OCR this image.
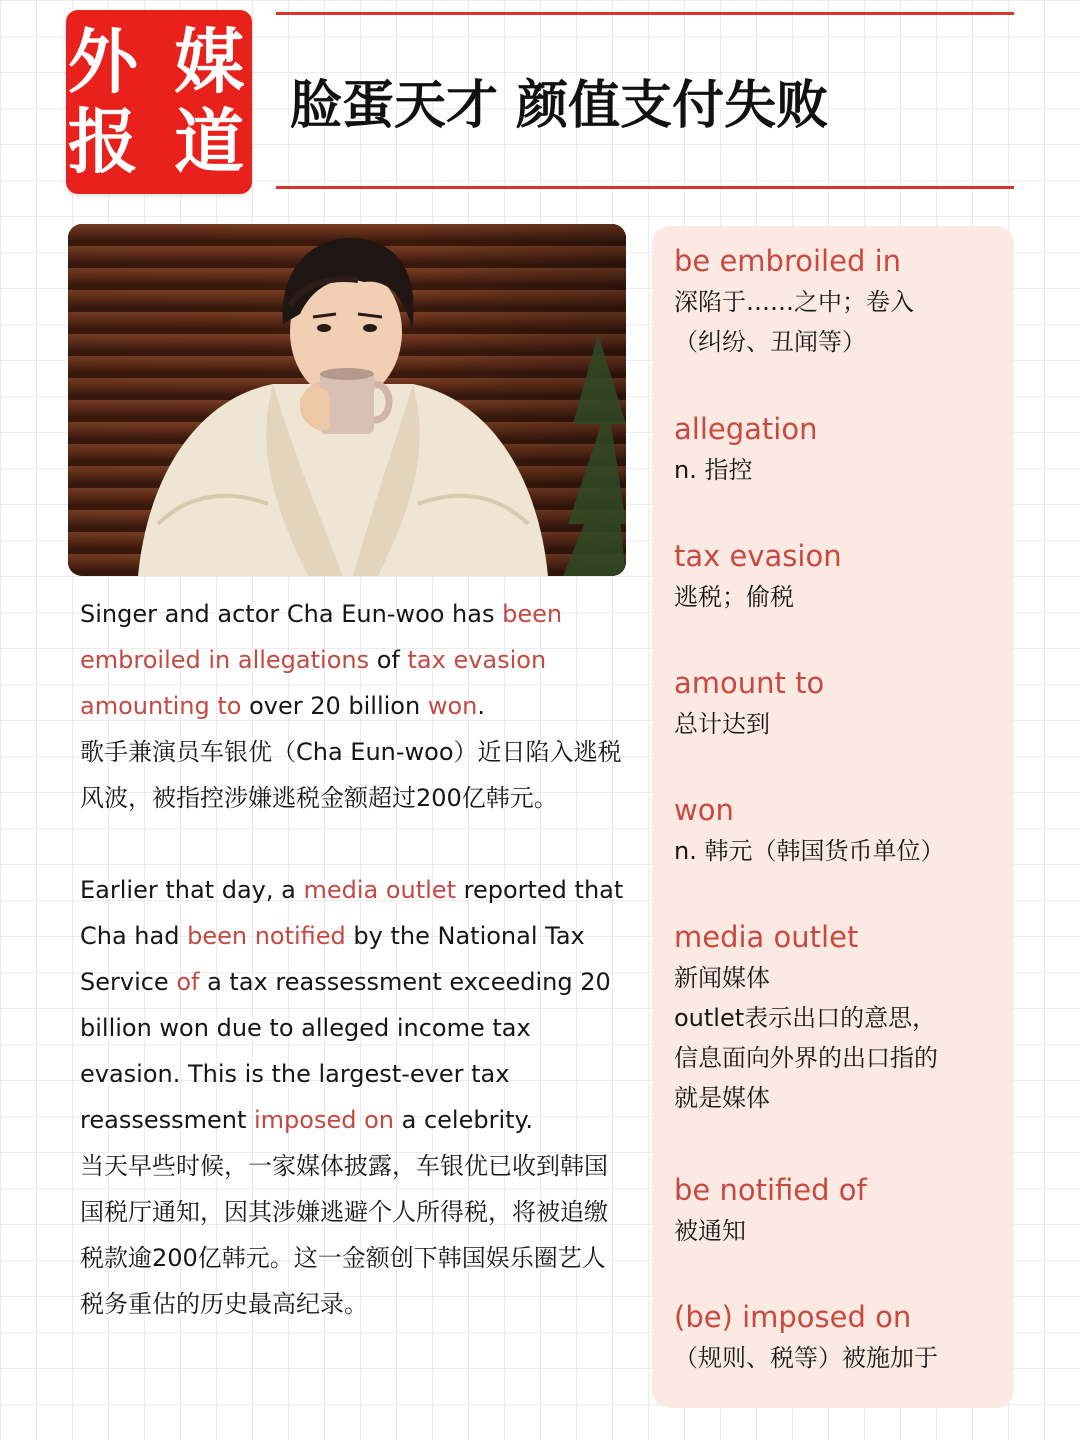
外 媒
报 道 脸蛋天才 颜值支付失败

Singer and actor Cha Eun-woo has been embroiled in allegations of tax evasion amounting to over 20 billion won.
歌手兼演员车银优（Cha Eun-woo）近日陷入逃税风波，被指控涉嫌逃税金额超过200亿韩元。

Earlier that day, a media outlet reported that Cha had been notified by the National Tax Service of a tax reassessment exceeding 20 billion won due to alleged income tax evasion. This is the largest-ever tax reassessment imposed on a celebrity.
当天早些时候，一家媒体披露，车银优已收到韩国国税厅通知，因其涉嫌逃避个人所得税，将被追缴税款逾200亿韩元。这一金额创下韩国娱乐圈艺人税务重估的历史最高纪录。

be embroiled in
深陷于……之中；卷入
（纠纷、丑闻等）
allegation
n. 指控
tax evasion
逃税；偷税
amount to
总计达到
won
n. 韩元（韩国货币单位）
media outlet
新闻媒体
outlet表示出口的意思，
信息面向外界的出口指的
就是媒体
be notified of
被通知
(be) imposed on
（规则、税等）被施加于
